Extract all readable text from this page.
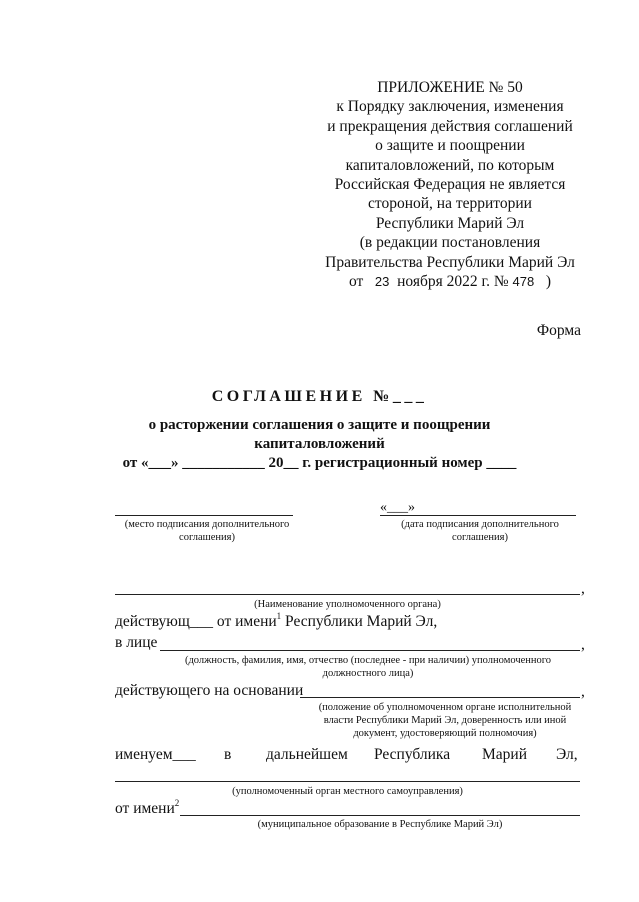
ПРИЛОЖЕНИЕ № 50
к Порядку заключения, изменения
и прекращения действия соглашений
о защите и поощрении
капиталовложений, по которым
Российская Федерация не является
стороной, на территории
Республики Марий Эл
(в редакции постановления
Правительства Республики Марий Эл
от 23 ноября 2022 г. № 478 )
Форма
СОГЛАШЕНИЕ №___
о расторжении соглашения о защите и поощрении
капиталовложений
от «___» ___________ 20__ г. регистрационный номер ____
(место подписания дополнительного соглашения)
«___»
(дата подписания дополнительного соглашения)
,
(Наименование уполномоченного органа)
действующ___ от имени$^1$ Республики Марий Эл,
в лице	,
(должность, фамилия, имя, отчество (последнее - при наличии) уполномоченного должностного лица)
действующего на основании	,
(положение об уполномоченном органе исполнительной власти Республики Марий Эл, доверенность или иной документ, удостоверяющий полномочия)
именуем___ в дальнейшем Республика Марий Эл,
(уполномоченный орган местного самоуправления)
от имени$^2$
(муниципальное образование в Республике Марий Эл)
